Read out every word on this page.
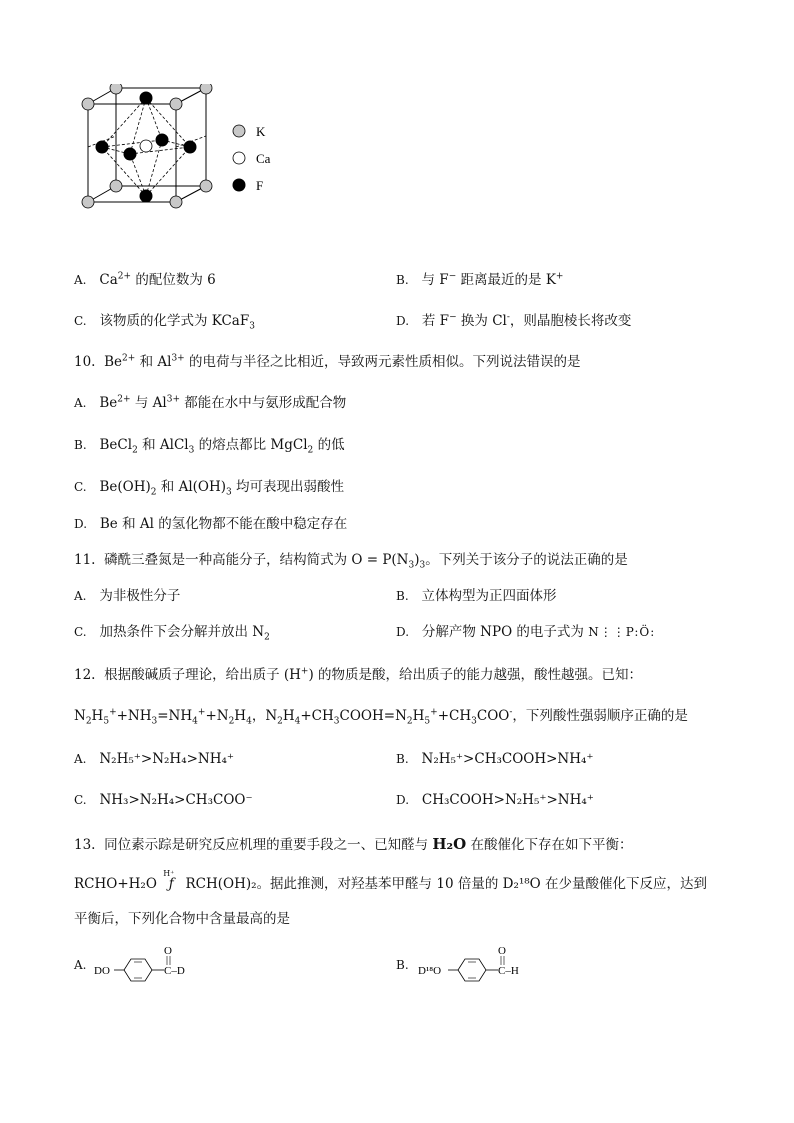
K
Ca
F
A. $Ca^{2+}$ 的配位数为 6	B. 与 F− 距离最近的是 K+
C. 该物质的化学式为 KCaF$_3$	D. 若 F− 换为 Cl-，则晶胞棱长将改变
10. $Be^{2+}$ 和 $Al^{3+}$ 的电荷与半径之比相近，导致两元素性质相似。下列说法错误的是
A. $Be^{2+}$ 与 $Al^{3+}$ 都能在水中与氨形成配合物
B. BeCl$_2$ 和 AlCl$_3$ 的熔点都比 MgCl$_2$ 的低
C. $Be(OH)_2$ 和 $Al(OH)_3$ 均可表现出弱酸性
D. Be 和 Al 的氢化物都不能在酸中稳定存在
11. 磷酰三叠氮是一种高能分子，结构简式为 $O = P(N_3)_3$。下列关于该分子的说法正确的是
A. 为非极性分子	B. 立体构型为正四面体形
C. 加热条件下会分解并放出 $N_2$	D. 分解产物 NPO 的电子式为 N⋮⋮P:Ö:
12. 根据酸碱质子理论，给出质子 (H+) 的物质是酸，给出质子的能力越强，酸性越强。已知：
$N_2H_5^++NH_3=NH_4^++N_2H_4$，$N_2H_4+CH_3COOH=N_2H_5^++CH_3COO^-$，下列酸性强弱顺序正确的是
A. N₂H₅⁺>N₂H₄>NH₄⁺	B. N₂H₅⁺>CH₃COOH>NH₄⁺
C. NH₃>N₂H₄>CH₃COO⁻	D. CH₃COOH>N₂H₅⁺>NH₄⁺
13. 同位素示踪是研究反应机理的重要手段之一、已知醛与 H₂O 在酸催化下存在如下平衡：
RCHO+H₂O
H⁺
ƒ RCH(OH)₂。据此推测，对羟基苯甲醛与 10 倍量的 D₂¹⁸O 在少量酸催化下反应，达到
平衡后，下列化合物中含量最高的是
A. DO
O
C–D	B. D¹⁸O
O
C–H
